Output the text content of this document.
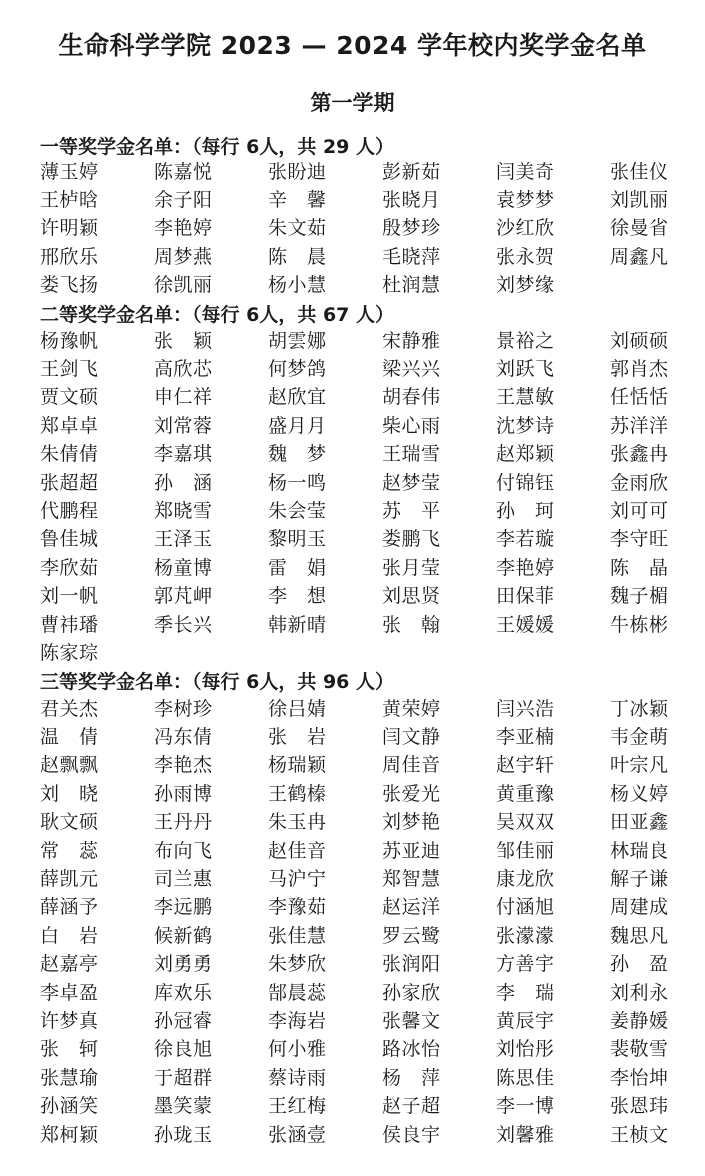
生命科学学院 2023 — 2024 学年校内奖学金名单
第一学期
一等奖学金名单：（每行 6人，共 29 人）
薄玉婷	陈嘉悦	张盼迪	彭新茹	闫美奇	张佳仪
王栌晗	余子阳	辛　馨	张晓月	袁梦梦	刘凯丽
许明颖	李艳婷	朱文茹	殷梦珍	沙红欣	徐曼省
邢欣乐	周梦燕	陈　晨	毛晓萍	张永贺	周鑫凡
娄飞扬	徐凯丽	杨小慧	杜润慧	刘梦缘
二等奖学金名单：（每行 6人，共 67 人）
杨豫帆	张　颖	胡雲娜	宋静雅	景裕之	刘硕硕
王剑飞	高欣芯	何梦鸽	梁兴兴	刘跃飞	郭肖杰
贾文硕	申仁祥	赵欣宜	胡春伟	王慧敏	任恬恬
郑卓卓	刘常蓉	盛月月	柴心雨	沈梦诗	苏洋洋
朱倩倩	李嘉琪	魏　梦	王瑞雪	赵郑颖	张鑫冉
张超超	孙　涵	杨一鸣	赵梦莹	付锦钰	金雨欣
代鹏程	郑晓雪	朱会莹	苏　平	孙　珂	刘可可
鲁佳城	王泽玉	黎明玉	娄鹏飞	李若璇	李守旺
李欣茹	杨童博	雷　娟	张月莹	李艳婷	陈　晶
刘一帆	郭芃岬	李　想	刘思贤	田保菲	魏子楣
曹祎璠	季长兴	韩新晴	张　翰	王媛媛	牛栋彬
陈家琮
三等奖学金名单：（每行 6人，共 96 人）
君关杰	李树珍	徐吕婧	黄荣婷	闫兴浩	丁冰颖
温　倩	冯东倩	张　岩	闫文静	李亚楠	韦金萌
赵飘飘	李艳杰	杨瑞颖	周佳音	赵宇轩	叶宗凡
刘　晓	孙雨博	王鹤榛	张爱光	黄重豫	杨义婷
耿文硕	王丹丹	朱玉冉	刘梦艳	吴双双	田亚鑫
常　蕊	布向飞	赵佳音	苏亚迪	邹佳丽	林瑞良
薛凯元	司兰惠	马沪宁	郑智慧	康龙欣	解子谦
薛涵予	李远鹏	李豫茹	赵运洋	付涵旭	周建成
白　岩	候新鹤	张佳慧	罗云鹭	张濛濛	魏思凡
赵嘉亭	刘勇勇	朱梦欣	张润阳	方善宇	孙　盈
李卓盈	库欢乐	郜晨蕊	孙家欣	李　瑞	刘利永
许梦真	孙冠睿	李海岩	张馨文	黄辰宇	姜静媛
张　轲	徐良旭	何小雅	路冰怡	刘怡彤	裴敬雪
张慧瑜	于超群	蔡诗雨	杨　萍	陈思佳	李怡坤
孙涵笑	墨笑蒙	王红梅	赵子超	李一博	张恩玮
郑柯颖	孙珑玉	张涵壹	侯良宇	刘馨雅	王桢文
